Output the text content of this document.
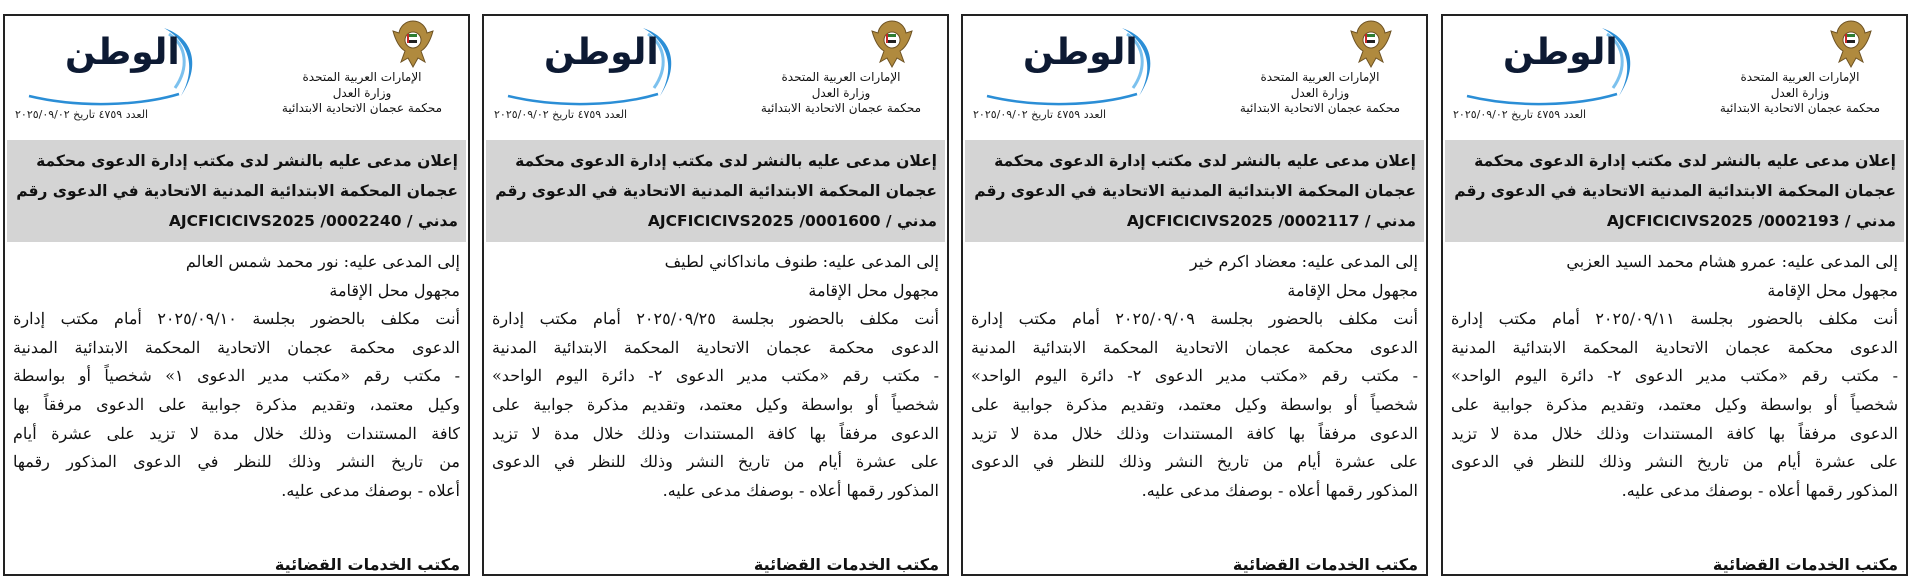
الإمارات العربية المتحدة
وزارة العدل
محكمة عجمان الاتحادية الابتدائية
الوطن
العدد ٤٧٥٩ تاريخ ٢٠٢٥/٠٩/٠٢
إعلان مدعى عليه بالنشر لدى مكتب إدارة الدعوى محكمة
عجمان المحكمة الابتدائية المدنية الاتحادية في الدعوى رقم
AJCFICICIVS2025 /0002193 / مدني
إلى المدعى عليه: عمرو هشام محمد السيد العزبي
مجهول محل الإقامة
أنت مكلف بالحضور بجلسة ٢٠٢٥/٠٩/١١ أمام مكتب إدارة
الدعوى محكمة عجمان الاتحادية المحكمة الابتدائية المدنية
- مكتب رقم «مكتب مدير الدعوى ٢- دائرة اليوم الواحد»
شخصياً أو بواسطة وكيل معتمد، وتقديم مذكرة جوابية على
الدعوى مرفقاً بها كافة المستندات وذلك خلال مدة لا تزيد
على عشرة أيام من تاريخ النشر وذلك للنظر في الدعوى
المذكور رقمها أعلاه - بوصفك مدعى عليه.
مكتب الخدمات القضائية
الإمارات العربية المتحدة
وزارة العدل
محكمة عجمان الاتحادية الابتدائية
الوطن
العدد ٤٧٥٩ تاريخ ٢٠٢٥/٠٩/٠٢
إعلان مدعى عليه بالنشر لدى مكتب إدارة الدعوى محكمة
عجمان المحكمة الابتدائية المدنية الاتحادية في الدعوى رقم
AJCFICICIVS2025 /0002117 / مدني
إلى المدعى عليه: معضاد اكرم خير
مجهول محل الإقامة
أنت مكلف بالحضور بجلسة ٢٠٢٥/٠٩/٠٩ أمام مكتب إدارة
الدعوى محكمة عجمان الاتحادية المحكمة الابتدائية المدنية
- مكتب رقم «مكتب مدير الدعوى ٢- دائرة اليوم الواحد»
شخصياً أو بواسطة وكيل معتمد، وتقديم مذكرة جوابية على
الدعوى مرفقاً بها كافة المستندات وذلك خلال مدة لا تزيد
على عشرة أيام من تاريخ النشر وذلك للنظر في الدعوى
المذكور رقمها أعلاه - بوصفك مدعى عليه.
مكتب الخدمات القضائية
الإمارات العربية المتحدة
وزارة العدل
محكمة عجمان الاتحادية الابتدائية
الوطن
العدد ٤٧٥٩ تاريخ ٢٠٢٥/٠٩/٠٢
إعلان مدعى عليه بالنشر لدى مكتب إدارة الدعوى محكمة
عجمان المحكمة الابتدائية المدنية الاتحادية في الدعوى رقم
AJCFICICIVS2025 /0001600 / مدني
إلى المدعى عليه: طنوف مانداكاني لطيف
مجهول محل الإقامة
أنت مكلف بالحضور بجلسة ٢٠٢٥/٠٩/٢٥ أمام مكتب إدارة
الدعوى محكمة عجمان الاتحادية المحكمة الابتدائية المدنية
- مكتب رقم «مكتب مدير الدعوى ٢- دائرة اليوم الواحد»
شخصياً أو بواسطة وكيل معتمد، وتقديم مذكرة جوابية على
الدعوى مرفقاً بها كافة المستندات وذلك خلال مدة لا تزيد
على عشرة أيام من تاريخ النشر وذلك للنظر في الدعوى
المذكور رقمها أعلاه - بوصفك مدعى عليه.
مكتب الخدمات القضائية
الإمارات العربية المتحدة
وزارة العدل
محكمة عجمان الاتحادية الابتدائية
الوطن
العدد ٤٧٥٩ تاريخ ٢٠٢٥/٠٩/٠٢
إعلان مدعى عليه بالنشر لدى مكتب إدارة الدعوى محكمة
عجمان المحكمة الابتدائية المدنية الاتحادية في الدعوى رقم
AJCFICICIVS2025 /0002240 / مدني
إلى المدعى عليه: نور محمد شمس العالم
مجهول محل الإقامة
أنت مكلف بالحضور بجلسة ٢٠٢٥/٠٩/١٠ أمام مكتب إدارة
الدعوى محكمة عجمان الاتحادية المحكمة الابتدائية المدنية
- مكتب رقم «مكتب مدير الدعوى ١» شخصياً أو بواسطة
وكيل معتمد، وتقديم مذكرة جوابية على الدعوى مرفقاً بها
كافة المستندات وذلك خلال مدة لا تزيد على عشرة أيام
من تاريخ النشر وذلك للنظر في الدعوى المذكور رقمها
أعلاه - بوصفك مدعى عليه.
مكتب الخدمات القضائية
